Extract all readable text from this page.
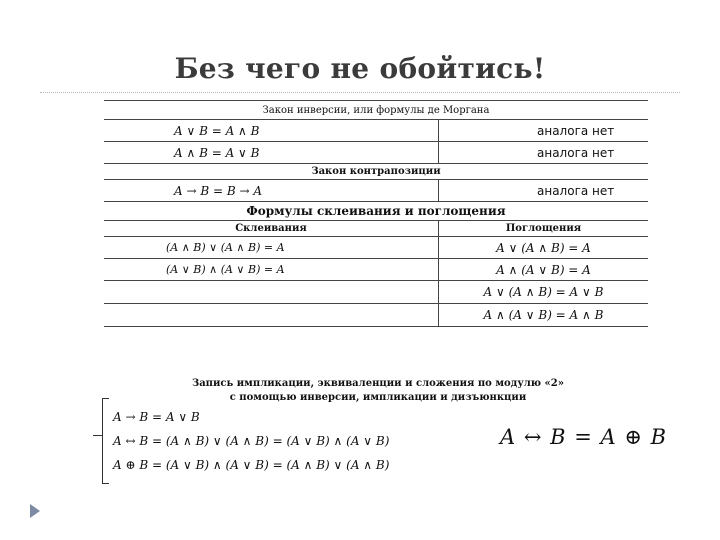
Без чего не обойтись!
Закон инверсии, или формулы де Моргана	
A ∨ B = A ∧ B	аналога нет
A ∧ B = A ∨ B	аналога нет
Закон контрапозиции	
A → B = B → A	аналога нет
Формулы склеивания и поглощения	
Склеивания	Поглощения
(A ∧ B) ∨ (A ∧ B) = A	A ∨ (A ∧ B) = A
(A ∨ B) ∧ (A ∨ B) = A	A ∧ (A ∨ B) = A
	A ∨ (A ∧ B) = A ∨ B
	A ∧ (A ∨ B) = A ∧ B
Запись импликации, эквиваленции и сложения по модулю «2»
с помощью инверсии, импликации и дизъюнкции
A → B = A ∨ B
A ↔ B = (A ∧ B) ∨ (A ∧ B) = (A ∨ B) ∧ (A ∨ B)
A ⊕ B = (A ∨ B) ∧ (A ∨ B) = (A ∧ B) ∨ (A ∧ B)
A ↔ B = A ⊕ B
